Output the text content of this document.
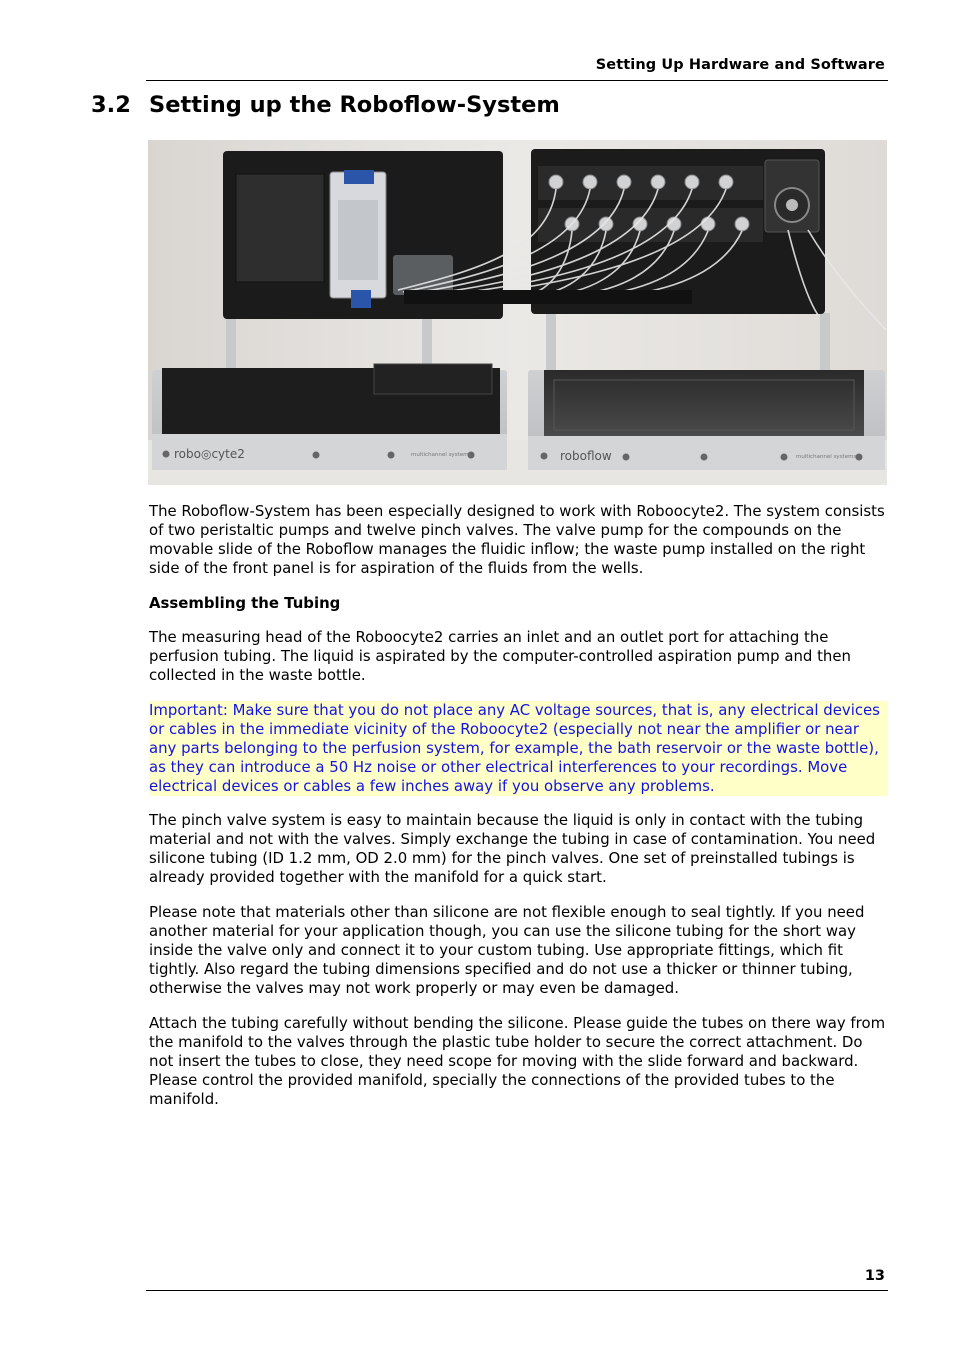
Setting Up Hardware and Software
3.2 Setting up the Roboflow-System
robo◎cyte2	multichannel systems	roboflow	multichannel systems

The Roboflow-System has been especially designed to work with Roboocyte2. The system consists of two peristaltic pumps and twelve pinch valves. The valve pump for the compounds on the movable slide of the Roboflow manages the fluidic inflow; the waste pump installed on the right side of the front panel is for aspiration of the fluids from the wells.

Assembling the Tubing

The measuring head of the Roboocyte2 carries an inlet and an outlet port for attaching the perfusion tubing. The liquid is aspirated by the computer-controlled aspiration pump and then collected in the waste bottle.

Important: Make sure that you do not place any AC voltage sources, that is, any electrical devices or cables in the immediate vicinity of the Roboocyte2 (especially not near the amplifier or near any parts belonging to the perfusion system, for example, the bath reservoir or the waste bottle), as they can introduce a 50 Hz noise or other electrical interferences to your recordings. Move electrical devices or cables a few inches away if you observe any problems.

The pinch valve system is easy to maintain because the liquid is only in contact with the tubing material and not with the valves. Simply exchange the tubing in case of contamination. You need silicone tubing (ID 1.2 mm, OD 2.0 mm) for the pinch valves. One set of preinstalled tubings is already provided together with the manifold for a quick start.

Please note that materials other than silicone are not flexible enough to seal tightly. If you need another material for your application though, you can use the silicone tubing for the short way inside the valve only and connect it to your custom tubing. Use appropriate fittings, which fit tightly. Also regard the tubing dimensions specified and do not use a thicker or thinner tubing, otherwise the valves may not work properly or may even be damaged.

Attach the tubing carefully without bending the silicone. Please guide the tubes on there way from the manifold to the valves through the plastic tube holder to secure the correct attachment. Do not insert the tubes to close, they need scope for moving with the slide forward and backward. Please control the provided manifold, specially the connections of the provided tubes to the manifold.

13
